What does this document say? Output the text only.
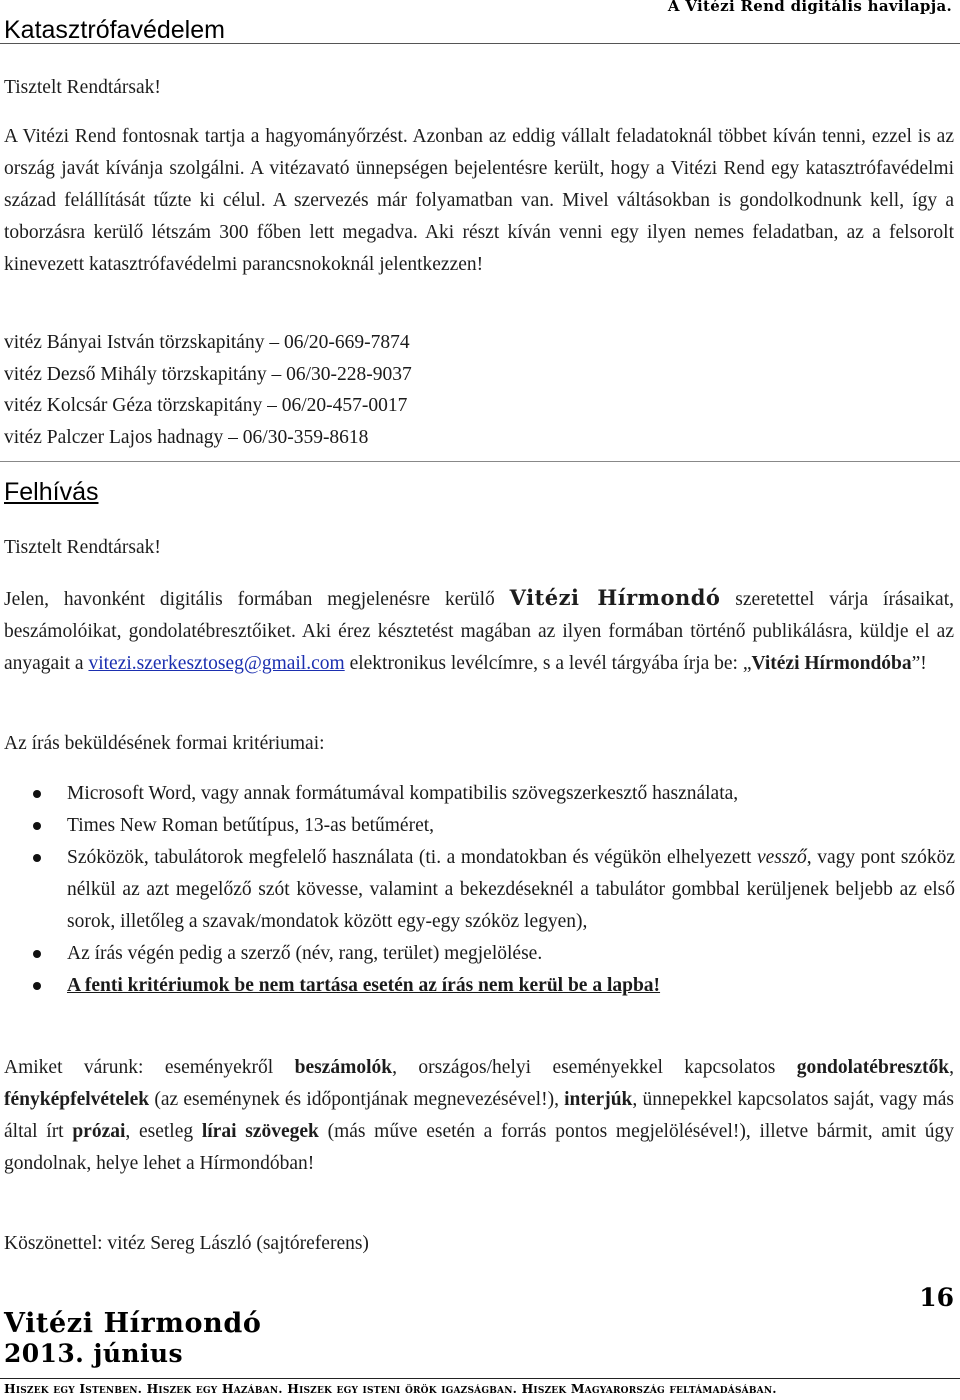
Katasztrófavédelem
A Vitézi Rend digitális havilapja.
Tisztelt Rendtársak!
A Vitézi Rend fontosnak tartja a hagyományőrzést. Azonban az eddig vállalt feladatoknál többet kíván tenni, ezzel is az ország javát kívánja szolgálni. A vitézavató ünnepségen bejelentésre került, hogy a Vitézi Rend egy katasztrófavédelmi század felállítását tűzte ki célul. A szervezés már folyamatban van. Mivel váltásokban is gondolkodnunk kell, így a toborzásra kerülő létszám 300 főben lett megadva. Aki részt kíván venni egy ilyen nemes feladatban, az a felsorolt kinevezett katasztrófavédelmi parancsnokoknál jelentkezzen!
vitéz Bányai István törzskapitány – 06/20-669-7874
vitéz Dezső Mihály törzskapitány – 06/30-228-9037
vitéz Kolcsár Géza törzskapitány – 06/20-457-0017
vitéz Palczer Lajos hadnagy – 06/30-359-8618
Felhívás
Tisztelt Rendtársak!
Jelen, havonként digitális formában megjelenésre kerülő Vitézi Hírmondó szeretettel várja írásaikat, beszámolóikat, gondolatébresztőiket. Aki érez késztetést magában az ilyen formában történő publikálásra, küldje el az anyagait a vitezi.szerkesztoseg@gmail.com elektronikus levélcímre, s a levél tárgyába írja be: „Vitézi Hírmondóba”!
Az írás beküldésének formai kritériumai:
Microsoft Word, vagy annak formátumával kompatibilis szövegszerkesztő használata,
Times New Roman betűtípus, 13-as betűméret,
Szóközök, tabulátorok megfelelő használata (ti. a mondatokban és végükön elhelyezett vessző, vagy pont szóköz nélkül az azt megelőző szót kövesse, valamint a bekezdéseknél a tabulátor gombbal kerüljenek beljebb az első sorok, illetőleg a szavak/mondatok között egy-egy szóköz legyen),
Az írás végén pedig a szerző (név, rang, terület) megjelölése.
A fenti kritériumok be nem tartása esetén az írás nem kerül be a lapba!
Amiket várunk: eseményekről beszámolók, országos/helyi eseményekkel kapcsolatos gondolatébresztők, fényképfelvételek (az eseménynek és időpontjának megnevezésével!), interjúk, ünnepekkel kapcsolatos saját, vagy más által írt prózai, esetleg lírai szövegek (más műve esetén a forrás pontos megjelölésével!), illetve bármit, amit úgy gondolnak, helye lehet a Hírmondóban!
Köszönettel: vitéz Sereg László (sajtóreferens)
Vitézi Hírmondó
2013. június
16
Hiszek egy Istenben. Hiszek egy Hazában. Hiszek egy isteni örök igazságban. Hiszek Magyarország feltámadásában.
